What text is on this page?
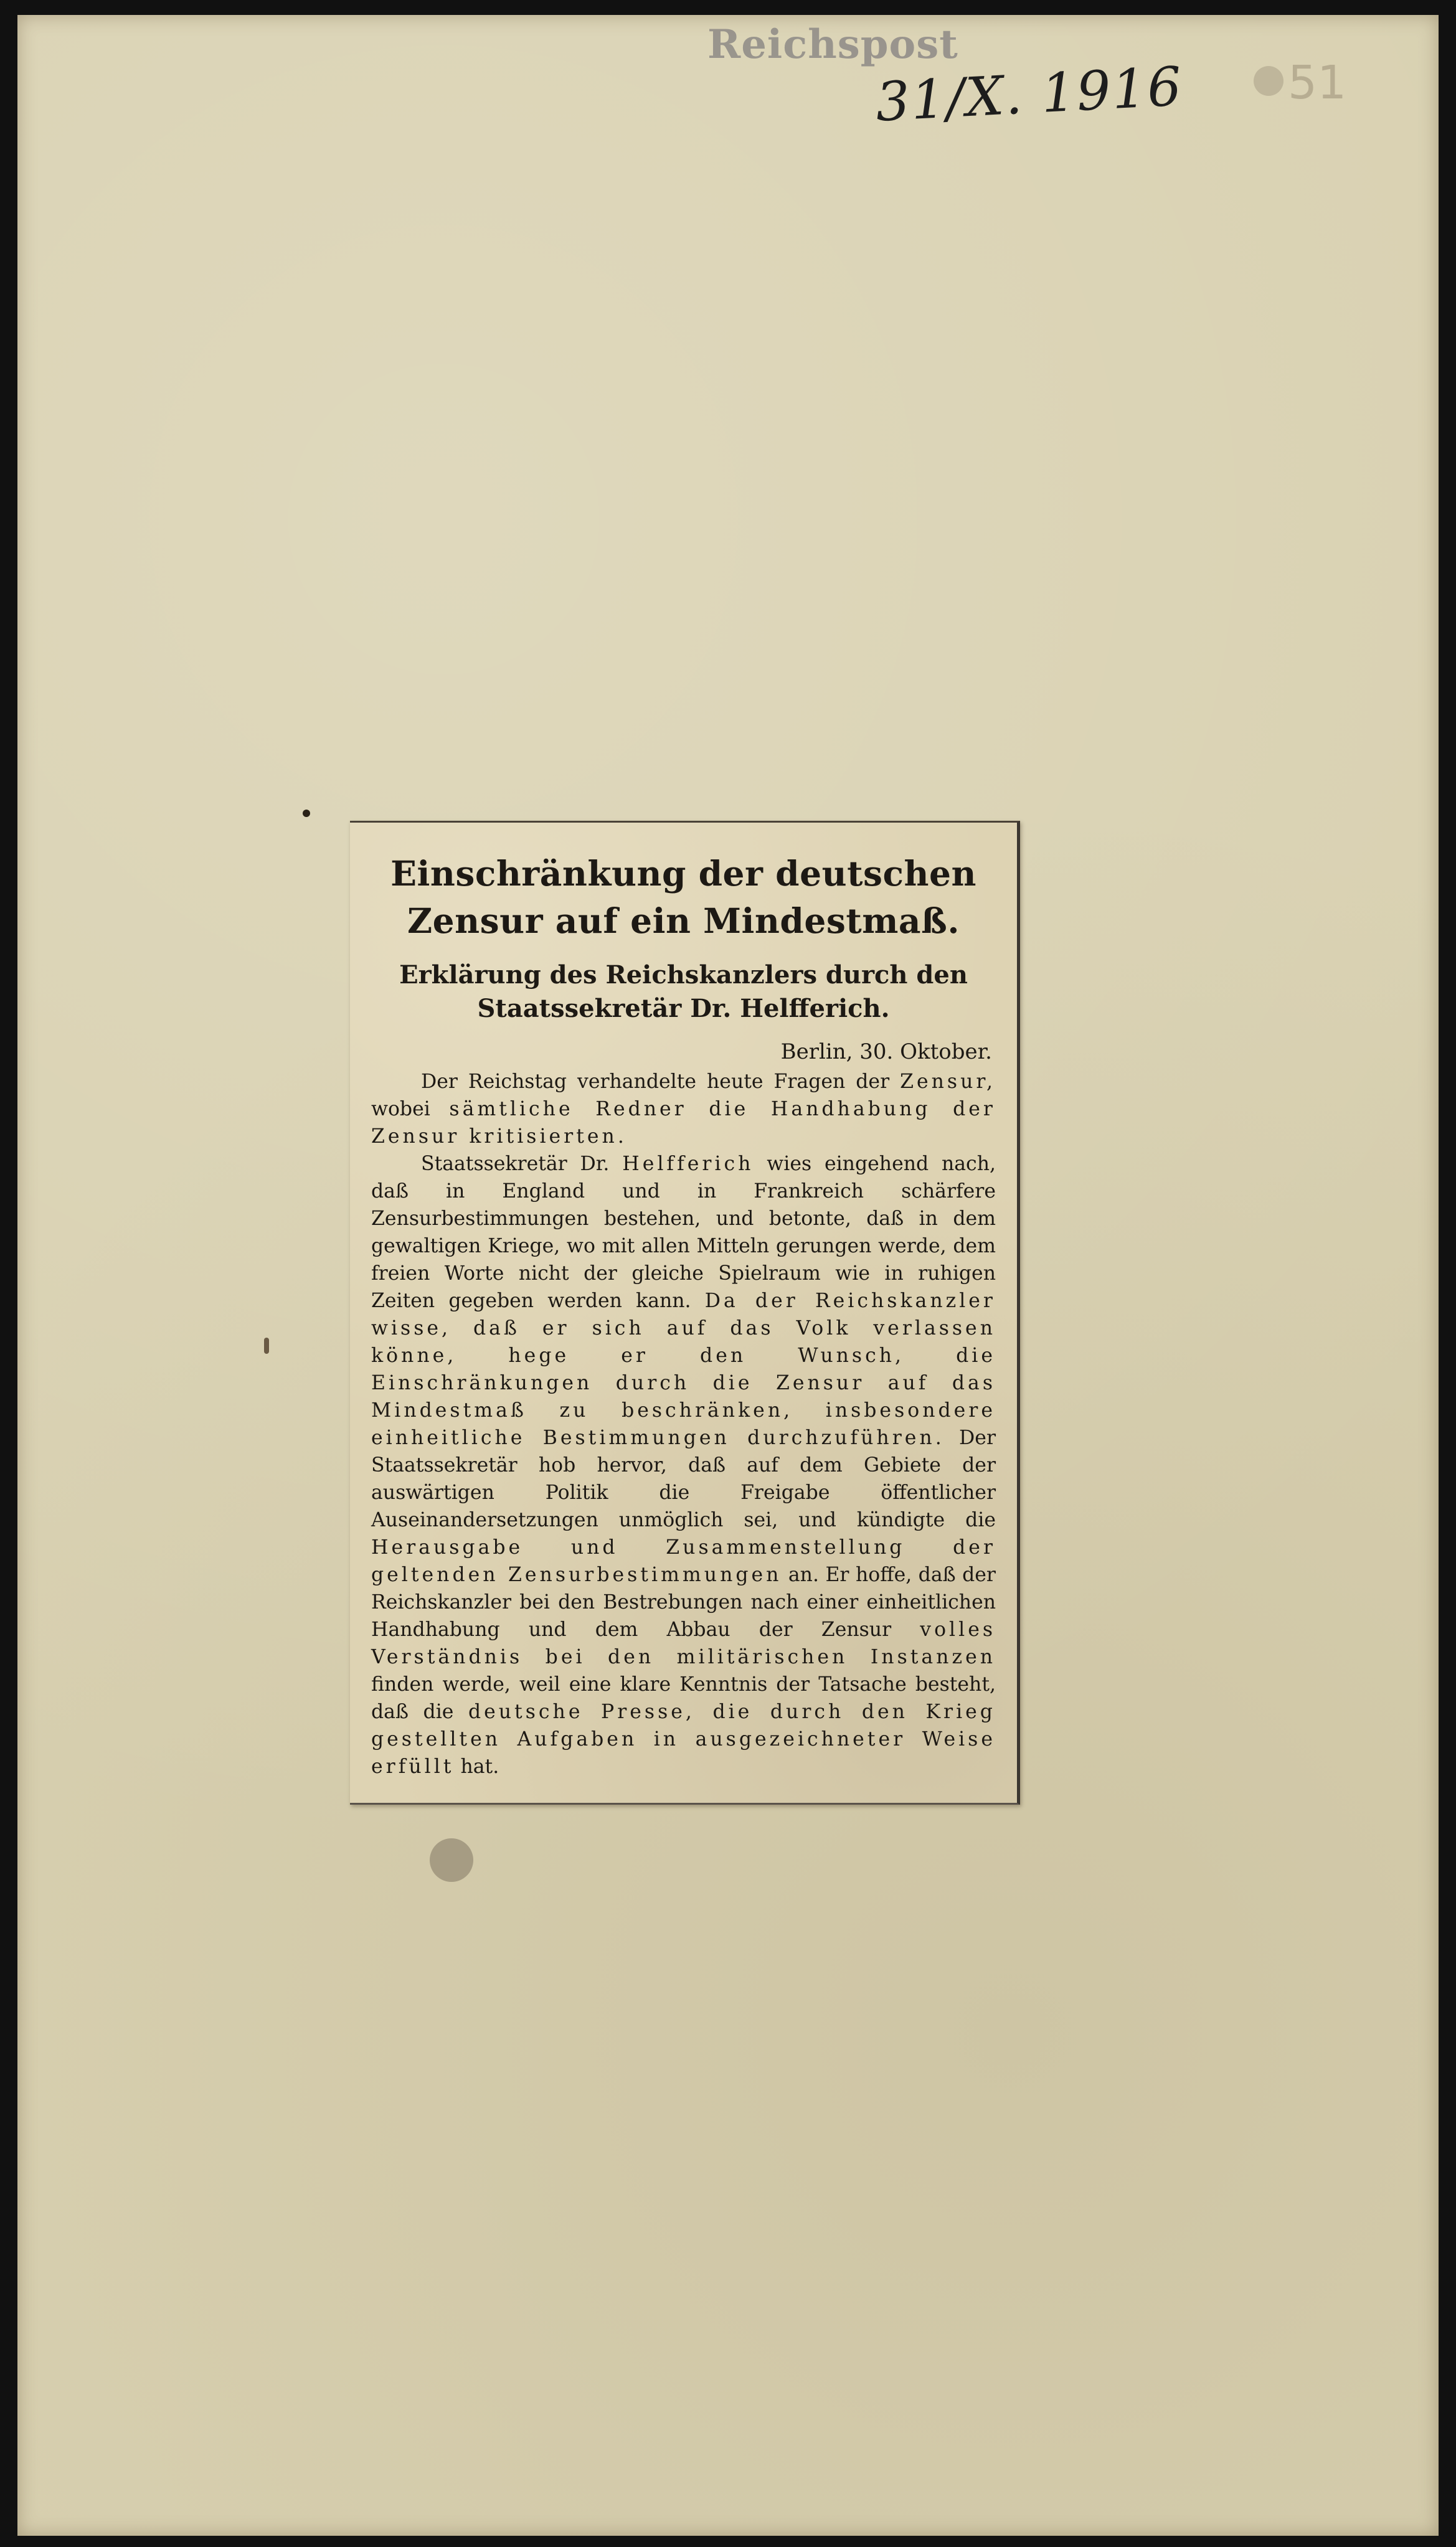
Reichspost
31/X. 1916 51
Einschränkung der deutschen Zensur auf ein Mindestmaß.
Erklärung des Reichskanzlers durch den Staatssekretär Dr. Helfferich.
Berlin, 30. Oktober.

Der Reichstag verhandelte heute Fragen der Zensur, wobei sämtliche Redner die Handhabung der Zensur kritisierten.

Staatssekretär Dr. Helfferich wies eingehend nach, daß in England und in Frankreich schärfere Zensurbestimmungen bestehen, und betonte, daß in dem gewaltigen Kriege, wo mit allen Mitteln gerungen werde, dem freien Worte nicht der gleiche Spielraum wie in ruhigen Zeiten gegeben werden kann. Da der Reichskanzler wisse, daß er sich auf das Volk verlassen könne, hege er den Wunsch, die Einschränkungen durch die Zensur auf das Mindestmaß zu beschränken, insbesondere einheitliche Bestimmungen durchzuführen. Der Staatssekretär hob hervor, daß auf dem Gebiete der auswärtigen Politik die Freigabe öffentlicher Auseinandersetzungen unmöglich sei, und kündigte die Herausgabe und Zusammenstellung der geltenden Zensurbestimmungen an. Er hoffe, daß der Reichskanzler bei den Bestrebungen nach einer einheitlichen Handhabung und dem Abbau der Zensur volles Verständnis bei den militärischen Instanzen finden werde, weil eine klare Kenntnis der Tatsache besteht, daß die deutsche Presse, die durch den Krieg gestellten Aufgaben in ausgezeichneter Weise erfüllt hat.
